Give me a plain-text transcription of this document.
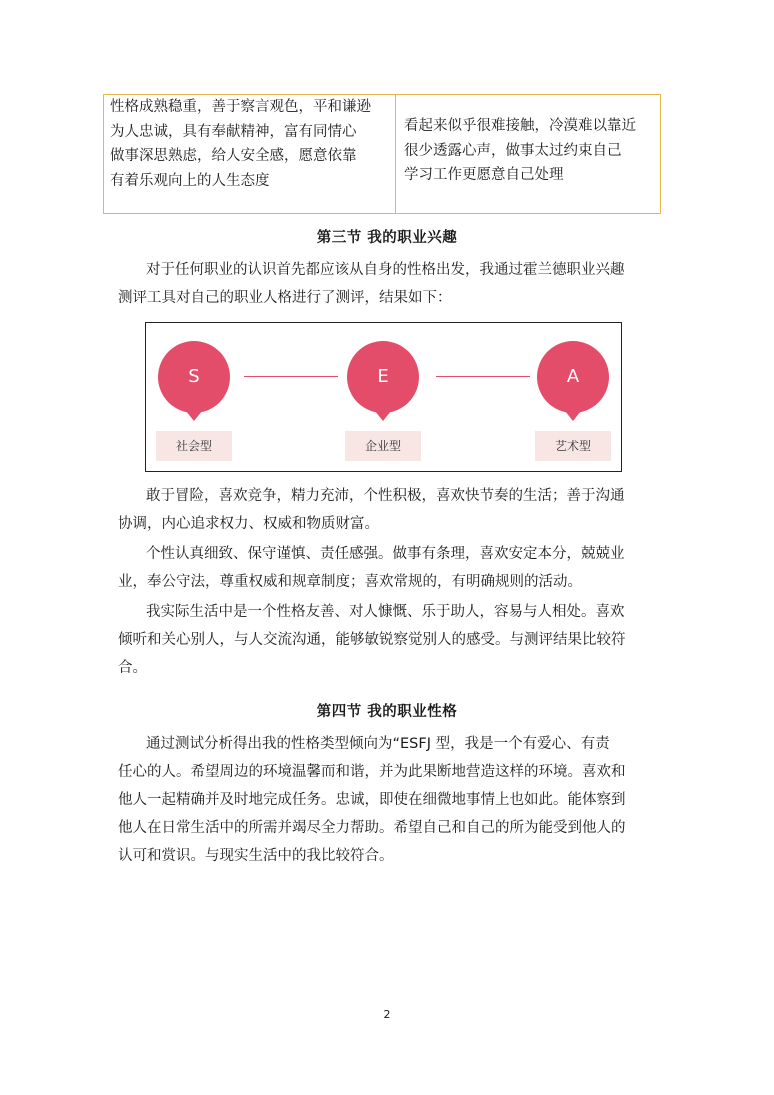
性格成熟稳重，善于察言观色，平和谦逊
为人忠诚，具有奉献精神，富有同情心
做事深思熟虑，给人安全感，愿意依靠
有着乐观向上的人生态度
看起来似乎很难接触，冷漠难以靠近
很少透露心声，做事太过约束自己
学习工作更愿意自己处理
第三节 我的职业兴趣
对于任何职业的认识首先都应该从自身的性格出发，我通过霍兰德职业兴趣
测评工具对自己的职业人格进行了测评，结果如下：
S
社会型
E
企业型
A
艺术型
敢于冒险，喜欢竞争，精力充沛，个性积极，喜欢快节奏的生活；善于沟通
协调，内心追求权力、权威和物质财富。
个性认真细致、保守谨慎、责任感强。做事有条理，喜欢安定本分，兢兢业
业，奉公守法，尊重权威和规章制度；喜欢常规的，有明确规则的活动。
我实际生活中是一个性格友善、对人慷慨、乐于助人，容易与人相处。喜欢
倾听和关心别人，与人交流沟通，能够敏锐察觉别人的感受。与测评结果比较符
合。
第四节 我的职业性格
通过测试分析得出我的性格类型倾向为“ESFJ 型，我是一个有爱心、有责
任心的人。希望周边的环境温馨而和谐，并为此果断地营造这样的环境。喜欢和
他人一起精确并及时地完成任务。忠诚，即使在细微地事情上也如此。能体察到
他人在日常生活中的所需并竭尽全力帮助。希望自己和自己的所为能受到他人的
认可和赏识。与现实生活中的我比较符合。
2
